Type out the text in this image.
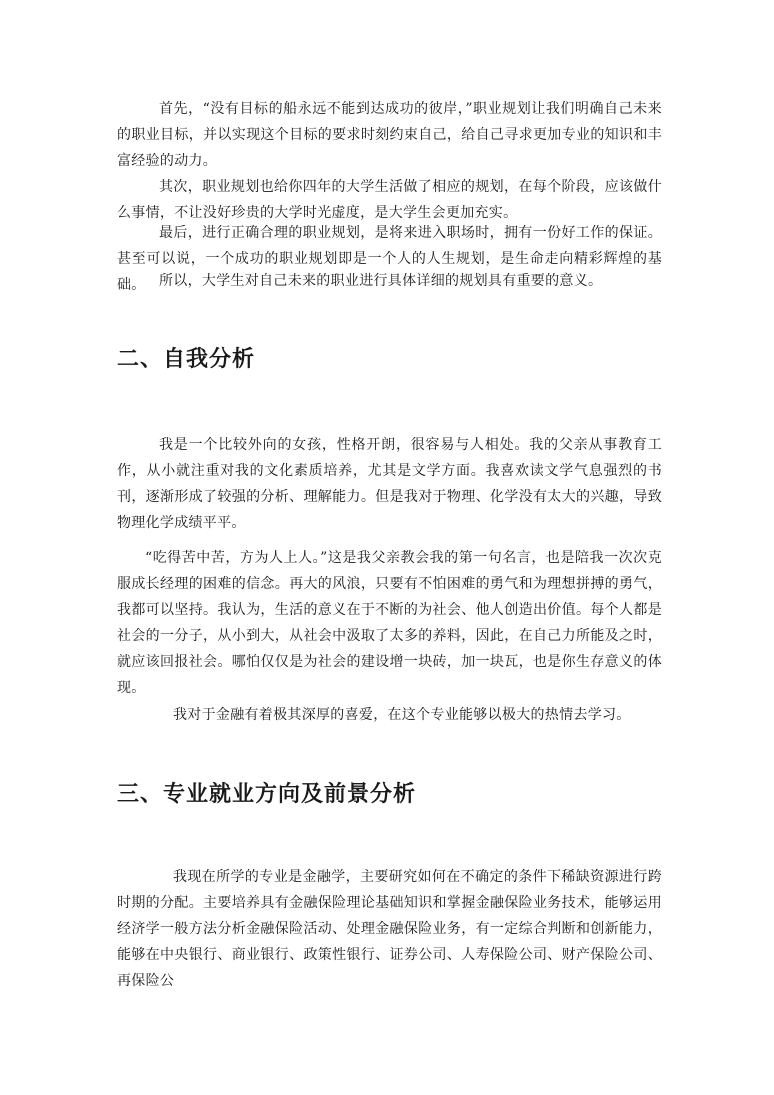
首先，“没有目标的船永远不能到达成功的彼岸，”职业规划让我们明确自己未来的职业目标，并以实现这个目标的要求时刻约束自己，给自己寻求更加专业的知识和丰富经验的动力。

其次，职业规划也给你四年的大学生活做了相应的规划，在每个阶段，应该做什么事情，不让没好珍贵的大学时光虚度，是大学生会更加充实。

最后，进行正确合理的职业规划，是将来进入职场时，拥有一份好工作的保证。甚至可以说，一个成功的职业规划即是一个人的人生规划，是生命走向精彩辉煌的基础。 所以，大学生对自己未来的职业进行具体详细的规划具有重要的意义。

二、自我分析

我是一个比较外向的女孩，性格开朗，很容易与人相处。我的父亲从事教育工作，从小就注重对我的文化素质培养，尤其是文学方面。我喜欢读文学气息强烈的书刊，逐渐形成了较强的分析、理解能力。但是我对于物理、化学没有太大的兴趣，导致物理化学成绩平平。

“吃得苦中苦，方为人上人。”这是我父亲教会我的第一句名言，也是陪我一次次克服成长经理的困难的信念。再大的风浪，只要有不怕困难的勇气和为理想拼搏的勇气，我都可以坚持。我认为，生活的意义在于不断的为社会、他人创造出价值。每个人都是社会的一分子，从小到大，从社会中汲取了太多的养料，因此，在自己力所能及之时，就应该回报社会。哪怕仅仅是为社会的建设增一块砖，加一块瓦，也是你生存意义的体现。

我对于金融有着极其深厚的喜爱，在这个专业能够以极大的热情去学习。

三、专业就业方向及前景分析

我现在所学的专业是金融学，主要研究如何在不确定的条件下稀缺资源进行跨时期的分配。主要培养具有金融保险理论基础知识和掌握金融保险业务技术，能够运用经济学一般方法分析金融保险活动、处理金融保险业务，有一定综合判断和创新能力，能够在中央银行、商业银行、政策性银行、证券公司、人寿保险公司、财产保险公司、再保险公
